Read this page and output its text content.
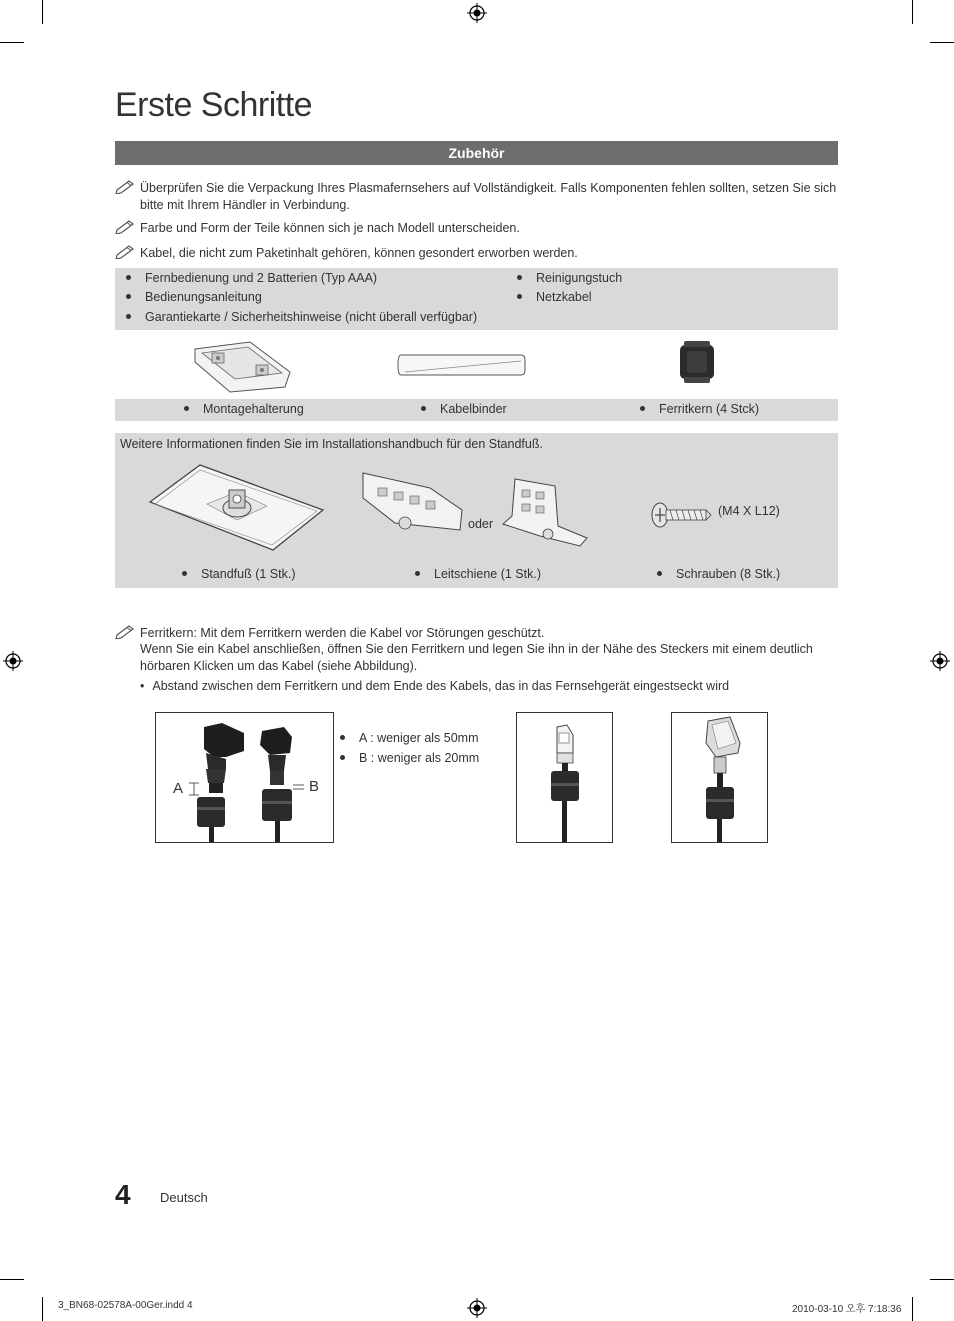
Erste Schritte
Zubehör
Überprüfen Sie die Verpackung Ihres Plasmafernsehers auf Vollständigkeit. Falls Komponenten fehlen sollten, setzen Sie sich bitte mit Ihrem Händler in Verbindung.
Farbe und Form der Teile können sich je nach Modell unterscheiden.
Kabel, die nicht zum Paketinhalt gehören, können gesondert erworben werden.
Fernbedienung und 2 Batterien (Typ AAA)
Bedienungsanleitung
Garantiekarte / Sicherheitshinweise (nicht überall verfügbar)
Reinigungstuch
Netzkabel
Montagehalterung	Kabelbinder	Ferritkern (4 Stck)
Weitere Informationen finden Sie im Installationshandbuch für den Standfuß.
oder
(M4 X L12)
Standfuß (1 Stk.)	Leitschiene (1 Stk.)	Schrauben (8 Stk.)
Ferritkern: Mit dem Ferritkern werden die Kabel vor Störungen geschützt.
Wenn Sie ein Kabel anschließen, öffnen Sie den Ferritkern und legen Sie ihn in der Nähe des Steckers mit einem deutlich hörbaren Klicken um das Kabel (siehe Abbildung).
• Abstand zwischen dem Ferritkern und dem Ende des Kabels, das in das Fernsehgerät eingestseckt wird
A	B
A : weniger als 50mm
B : weniger als 20mm
4 Deutsch
3_BN68-02578A-00Ger.indd 4	2010-03-10 오후 7:18:36
